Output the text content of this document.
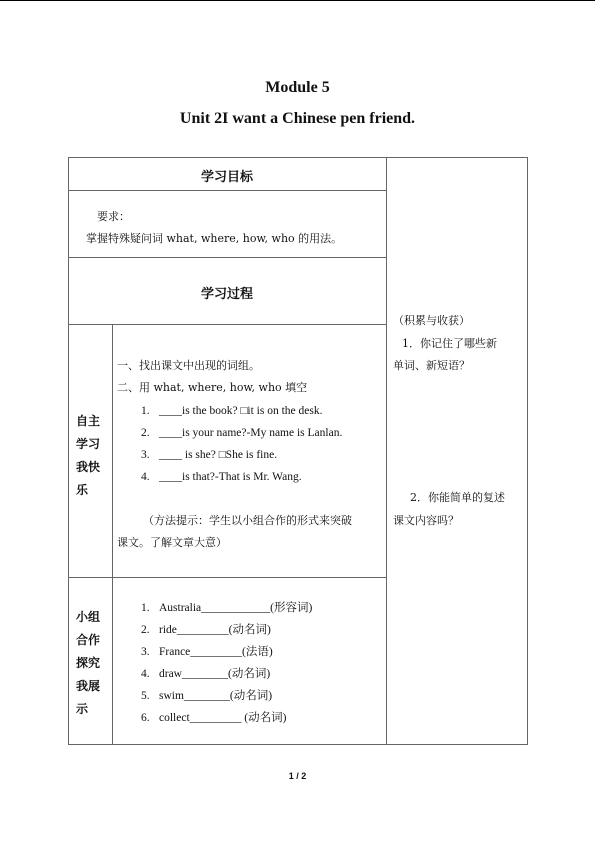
Module 5
Unit 2I want a Chinese pen friend.
学习目标
要求：
掌握特殊疑问词 what, where, how, who 的用法。
学习过程
自主
学习
我快
乐
一、找出课文中出现的词组。
二、用 what, where, how, who 填空
1. ____is the book? □it is on the desk.
2. ____is your name?-My name is Lanlan.
3. ____ is she? □She is fine.
4. ____is that?-That is Mr. Wang.
（方法提示：学生以小组合作的形式来突破
课文。了解文章大意）
小组
合作
探究
我展
示
1. Australia____________(形容词)
2. ride_________(动名词)
3. France_________(法语)
4. draw________(动名词)
5. swim________(动名词)
6. collect_________ (动名词)
（积累与收获）
1．你记住了哪些新
单词、新短语？
2．你能简单的复述
课文内容吗？
1 / 2
